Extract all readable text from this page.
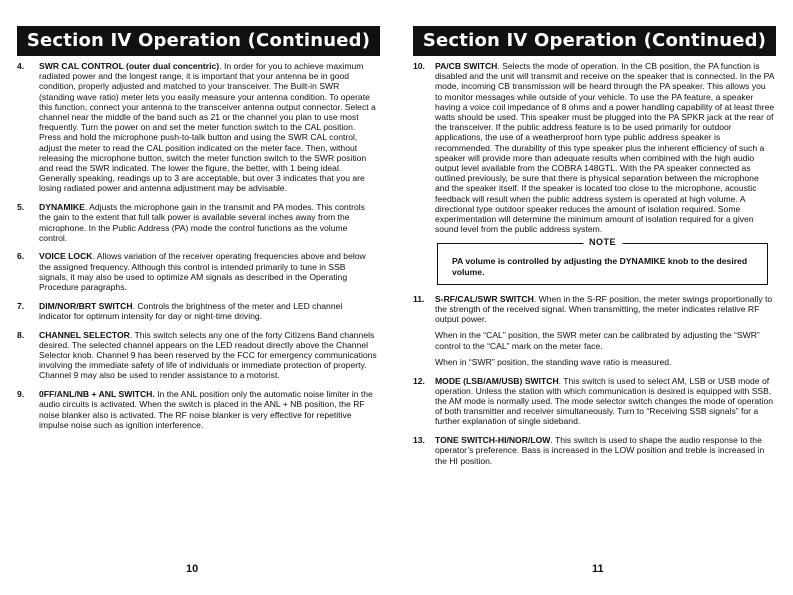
Section IV Operation (Continued)
4. SWR CAL CONTROL (outer dual concentric). In order for you to achieve maximum radiated power and the longest range, it is important that your antenna be in good condition, properly adjusted and matched to your transceiver. The Built-in SWR (standing wave ratio) meter lets you easily measure your antenna condition. To operate this function, connect your antenna to the transceiver antenna output connector. Select a channel near the middle of the band such as 21 or the channel you plan to use most frequently. Turn the power on and set the meter function switch to the CAL position. Press and hold the microphone push-to-talk button and using the SWR CAL control, adjust the meter to read the CAL position indicated on the meter face. Then, without releasing the microphone button, switch the meter function switch to the SWR position and read the SWR indicated. The lower the figure, the better, with 1 being ideal. Generally speaking, readings up to 3 are acceptable, but over 3 indicates that you are losing radiated power and antenna adjustment may be advisable.
5. DYNAMIKE. Adjusts the microphone gain in the transmit and PA modes. This controls the gain to the extent that full talk power is available several inches away from the microphone. In the Public Address (PA) mode the control functions as the volume control.
6. VOICE LOCK. Allows variation of the receiver operating frequencies above and below the assigned frequency. Although this control is intended primarily to tune in SSB signals, it may also be used to optimize AM signals as described in the Operating Procedure paragraphs.
7. DIM/NOR/BRT SWITCH. Controls the brightness of the meter and LED channel indicator for optimum intensity for day or night-time driving.
8. CHANNEL SELECTOR. This switch selects any one of the forty Citizens Band channels desired. The selected channel appears on the LED readout directly above the Channel Selector knob. Channel 9 has been reserved by the FCC for emergency communications involving the immediate safety of life of individuals or immediate protection of property. Channel 9 may also be used to render assistance to a motorist.
9. 0FF/ANL/NB + ANL SWITCH. In the ANL position only the automatic noise limiter in the audio circuits is activated. When the switch is placed in the ANL + NB position, the RF noise blanker also is activated. The RF noise blanker is very effective for repetitive impulse noise such as ignition interference.
10
Section IV Operation (Continued)
10. PA/CB SWITCH. Selects the mode of operation. In the CB position, the PA function is disabled and the unit will transmit and receive on the speaker that is connected. In the PA mode, incoming CB transmission will be heard through the PA speaker. This allows you to monitor messages while outside of your vehicle. To use the PA feature, a speaker having a voice coil impedance of 8 ohms and a power handling capability of at least three watts should be used. This speaker must be plugged into the PA SPKR jack at the rear of the transceiver. If the public address feature is to be used primarily for outdoor applications, the use of a weatherproof horn type public address speaker is recommended. The durability of this type speaker plus the inherent efficiency of such a speaker will provide more than adequate results when combined with the high audio output level available from the COBRA 148GTL. With the PA speaker connected as outlined previously, be sure that there is physical separation between the microphone and the speaker itself. If the speaker is located too close to the microphone, acoustic feedback will result when the public address system is operated at high volume. A directional type outdoor speaker reduces the amount of isolation required. Some experimentation will determine the minimum amount of isolation required for a given sound level from the public address system.
NOTE
PA volume is controlled by adjusting the DYNAMIKE knob to the desired volume.
11. S-RF/CAL/SWR SWITCH. When in the S-RF position, the meter swings proportionally to the strength of the received signal. When transmitting, the meter indicates relative RF output power.
When in the “CAL” position, the SWR meter can be calibrated by adjusting the “SWR” control to the “CAL” mark on the meter face.
When in “SWR” position, the standing wave ratio is measured.
12. MODE (LSB/AM/USB) SWITCH. This switch is used to select AM, LSB or USB mode of operation. Unless the station with which communication is desired is equipped with SSB, the AM mode is normally used. The mode selector switch changes the mode of operation of both transmitter and receiver simultaneously. Turn to “Receiving SSB signals” for a further explanation of single sideband.
13. TONE SWITCH-HI/NOR/LOW. This switch is used to shape the audio response to the operator’s preference. Bass is increased in the LOW position and treble is increased in the HI position.
11
